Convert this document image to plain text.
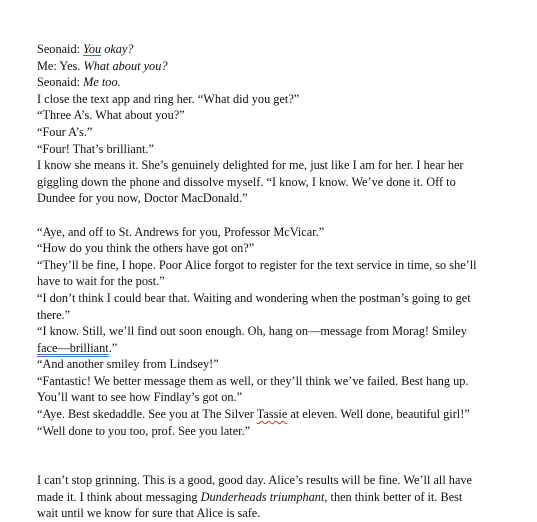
Seonaid: You okay?
Me: Yes. What about you?
Seonaid: Me too.
I close the text app and ring her. “What did you get?”
“Three A’s. What about you?”
“Four A’s.”
“Four! That’s brilliant.”
I know she means it. She’s genuinely delighted for me, just like I am for her. I hear her
giggling down the phone and dissolve myself. “I know, I know. We’ve done it. Off to
Dundee for you now, Doctor MacDonald.”
“Aye, and off to St. Andrews for you, Professor McVicar.”
“How do you think the others have got on?”
“They’ll be fine, I hope. Poor Alice forgot to register for the text service in time, so she’ll
have to wait for the post.”
“I don’t think I could bear that. Waiting and wondering when the postman’s going to get
there.”
“I know. Still, we’ll find out soon enough. Oh, hang on—message from Morag! Smiley
face—brilliant.”
“And another smiley from Lindsey!”
“Fantastic! We better message them as well, or they’ll think we’ve failed. Best hang up.
You’ll want to see how Findlay’s got on.”
“Aye. Best skedaddle. See you at The Silver Tassie at eleven. Well done, beautiful girl!”
“Well done to you too, prof. See you later.”
I can’t stop grinning. This is a good, good day. Alice’s results will be fine. We’ll all have
made it. I think about messaging Dunderheads triumphant, then think better of it. Best
wait until we know for sure that Alice is safe.
